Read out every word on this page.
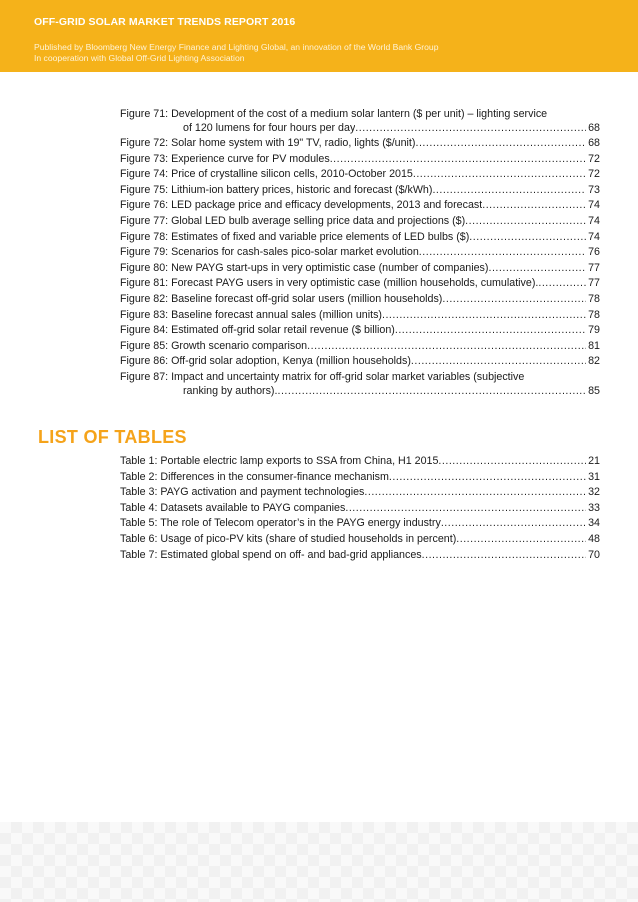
OFF-GRID SOLAR MARKET TRENDS REPORT 2016
Published by Bloomberg New Energy Finance and Lighting Global, an innovation of the World Bank Group
In cooperation with Global Off-Grid Lighting Association
Figure 71: Development of the cost of a medium solar lantern ($ per unit) – lighting service
of 120 lumens for four hours per day .....	68
Figure 72: Solar home system with 19" TV, radio, lights ($/unit) .....	68
Figure 73: Experience curve for PV modules .....	72
Figure 74: Price of crystalline silicon cells, 2010-October 2015 .....	72
Figure 75: Lithium-ion battery prices, historic and forecast ($/kWh) .....	73
Figure 76: LED package price and efficacy developments, 2013 and forecast .....	74
Figure 77: Global LED bulb average selling price data and projections ($) .....	74
Figure 78: Estimates of fixed and variable price elements of LED bulbs ($) .....	74
Figure 79: Scenarios for cash-sales pico-solar market evolution .....	76
Figure 80: New PAYG start-ups in very optimistic case (number of companies) .....	77
Figure 81: Forecast PAYG users in very optimistic case (million households, cumulative). .....	77
Figure 82: Baseline forecast off-grid solar users (million households) .....	78
Figure 83: Baseline forecast annual sales (million units) .....	78
Figure 84: Estimated off-grid solar retail revenue ($ billion) .....	79
Figure 85: Growth scenario comparison .....	81
Figure 86: Off-grid solar adoption, Kenya (million households) .....	82
Figure 87: Impact and uncertainty matrix for off-grid solar market variables (subjective
ranking by authors). .....	85
LIST OF TABLES
Table 1: Portable electric lamp exports to SSA from China, H1 2015 .....	21
Table 2: Differences in the consumer-finance mechanism .....	31
Table 3: PAYG activation and payment technologies .....	32
Table 4: Datasets available to PAYG companies .....	33
Table 5: The role of Telecom operator’s in the PAYG energy industry .....	34
Table 6: Usage of pico-PV kits (share of studied households in percent) .....	48
Table 7: Estimated global spend on off- and bad-grid appliances .....	70
